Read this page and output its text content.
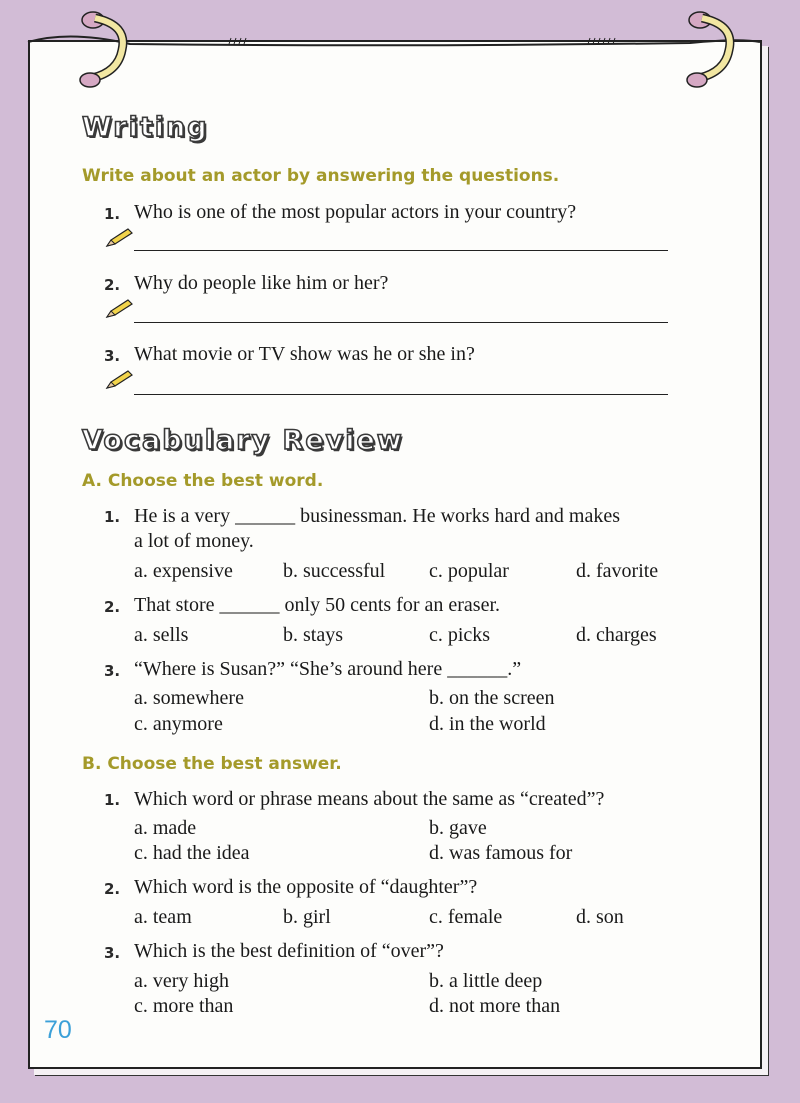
Writing
Write about an actor by answering the questions.
1. Who is one of the most popular actors in your country?
2. Why do people like him or her?
3. What movie or TV show was he or she in?
Vocabulary Review
A. Choose the best word.
1. He is a very ______ businessman. He works hard and makes
a lot of money.
a. expensive	b. successful c. popular	d. favorite
2. That store ______ only 50 cents for an eraser.
a. sells	b. stays	c. picks	d. charges
3. “Where is Susan?” “She’s around here ______.”
a. somewhere	b. on the screen
c. anymore	d. in the world
B. Choose the best answer.
1. Which word or phrase means about the same as “created”?
a. made	b. gave
c. had the idea	d. was famous for
2. Which word is the opposite of “daughter”?
a. team	b. girl	c. female	d. son
3. Which is the best definition of “over”?
a. very high	b. a little deep
c. more than	d. not more than
70
